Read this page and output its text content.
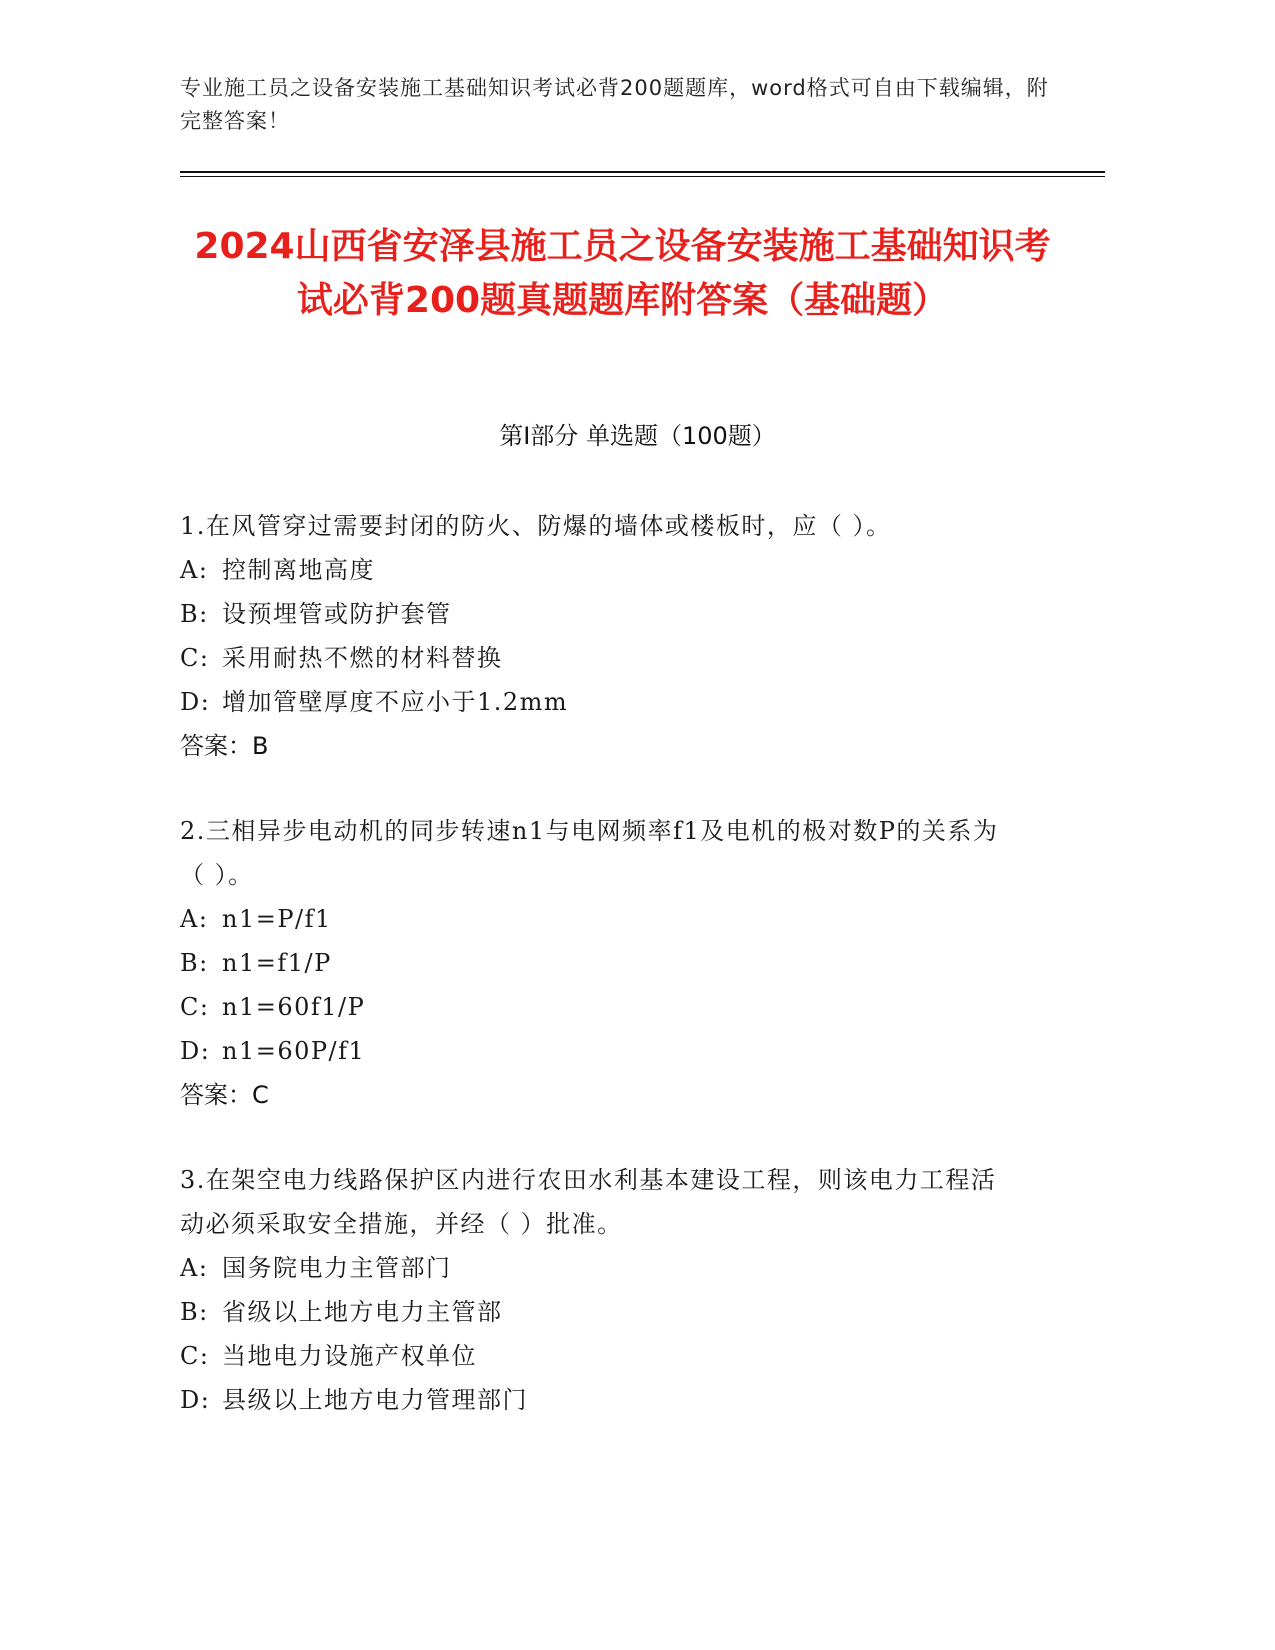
专业施工员之设备安装施工基础知识考试必背200题题库，word格式可自由下载编辑，附完整答案！
2024山西省安泽县施工员之设备安装施工基础知识考试必背200题真题题库附答案（基础题）
第I部分 单选题（100题）
1.在风管穿过需要封闭的防火、防爆的墙体或楼板时，应（ ）。
A: 控制离地高度
B: 设预埋管或防护套管
C: 采用耐热不燃的材料替换
D: 增加管壁厚度不应小于1.2mm
答案：B
2.三相异步电动机的同步转速n1与电网频率f1及电机的极对数P的关系为（ ）。
A: n1=P/f1
B: n1=f1/P
C: n1=60f1/P
D: n1=60P/f1
答案：C
3.在架空电力线路保护区内进行农田水利基本建设工程，则该电力工程活动必须采取安全措施，并经（ ）批准。
A: 国务院电力主管部门
B: 省级以上地方电力主管部
C: 当地电力设施产权单位
D: 县级以上地方电力管理部门
